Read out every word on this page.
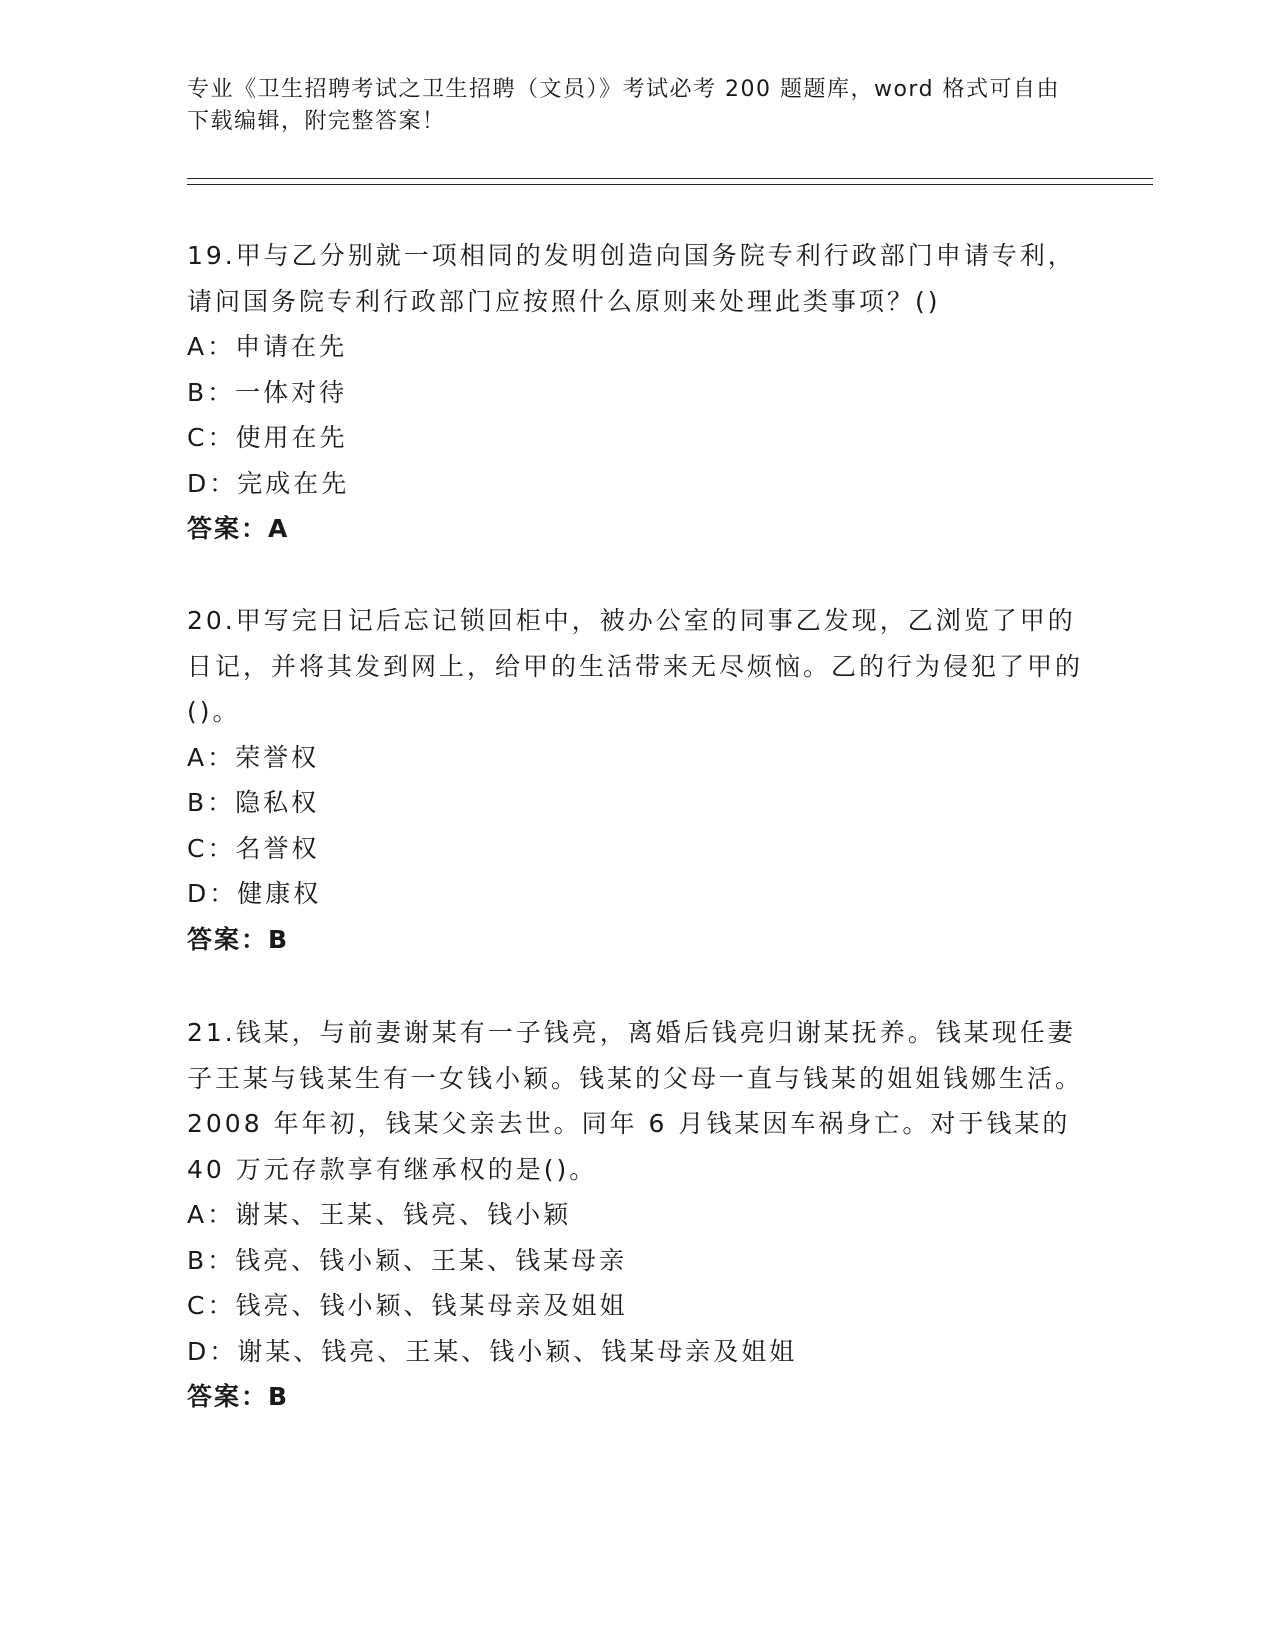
专业《卫生招聘考试之卫生招聘（文员）》考试必考 200 题题库，word 格式可自由下载编辑，附完整答案！

19.甲与乙分别就一项相同的发明创造向国务院专利行政部门申请专利，请问国务院专利行政部门应按照什么原则来处理此类事项？()

A：申请在先

B：一体对待

C：使用在先

D：完成在先

答案：A

20.甲写完日记后忘记锁回柜中，被办公室的同事乙发现，乙浏览了甲的日记，并将其发到网上，给甲的生活带来无尽烦恼。乙的行为侵犯了甲的()。

A：荣誉权

B：隐私权

C：名誉权

D：健康权

答案：B

21.钱某，与前妻谢某有一子钱亮，离婚后钱亮归谢某抚养。钱某现任妻子王某与钱某生有一女钱小颖。钱某的父母一直与钱某的姐姐钱娜生活。2008 年年初，钱某父亲去世。同年 6 月钱某因车祸身亡。对于钱某的 40 万元存款享有继承权的是()。

A：谢某、王某、钱亮、钱小颖

B：钱亮、钱小颖、王某、钱某母亲

C：钱亮、钱小颖、钱某母亲及姐姐

D：谢某、钱亮、王某、钱小颖、钱某母亲及姐姐

答案：B
